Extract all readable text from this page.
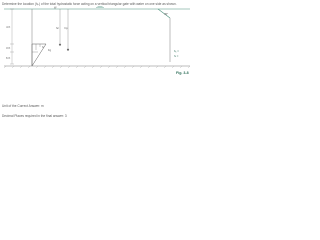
Determine the location (hₚ) of the total hydrostatic force acting on a vertical triangular gate with water on one side as shown.
4 ft
3 ft
6 ft
ft
Fg
hc hp
W
45°
b₁ =
hᵢ =
Fig. 3-8
Unit of the Correct Answer: m
Decimal Places required in the final answer: 3
